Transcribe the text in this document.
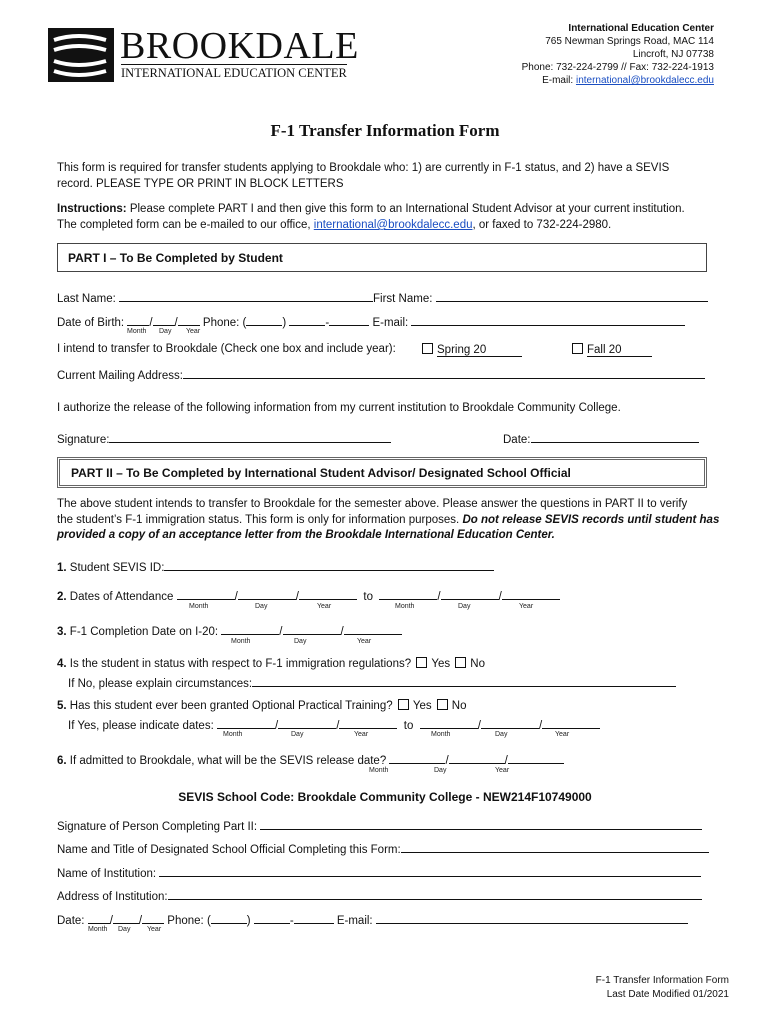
BROOKDALE
INTERNATIONAL EDUCATION CENTER
International Education Center
765 Newman Springs Road, MAC 114
Lincroft, NJ 07738
Phone: 732-224-2799 // Fax: 732-224-1913
E-mail: international@brookdalecc.edu
F-1 Transfer Information Form
This form is required for transfer students applying to Brookdale who: 1) are currently in F-1 status, and 2) have a SEVIS
record. PLEASE TYPE OR PRINT IN BLOCK LETTERS
Instructions: Please complete PART I and then give this form to an International Student Advisor at your current institution.
The completed form can be e-mailed to our office, international@brookdalecc.edu, or faxed to 732-224-2980.
PART I – To Be Completed by Student
Last Name:	First Name:
Date of Birth: / / Phone: (	)	-	E-mail:
Month Day Year
I intend to transfer to Brookdale (Check one box and include year):	Spring 20	Fall 20
Current Mailing Address:
I authorize the release of the following information from my current institution to Brookdale Community College.
Signature:	Date:
PART II – To Be Completed by International Student Advisor/ Designated School Official
The above student intends to transfer to Brookdale for the semester above. Please answer the questions in PART II to verify
the student’s F-1 immigration status. This form is only for information purposes. Do not release SEVIS records until student has
provided a copy of an acceptance letter from the Brookdale International Education Center.
1. Student SEVIS ID:
2. Dates of Attendance	/	/	to	/	/
Month	Day	Year	Month	Day	Year
3. F-1 Completion Date on I-20:	/	/
Month	Day	Year
4. Is the student in status with respect to F-1 immigration regulations? Yes No
If No, please explain circumstances:
5. Has this student ever been granted Optional Practical Training? Yes No
If Yes, please indicate dates:	/	/	to	/	/
Month	Day	Year	Month	Day	Year
6. If admitted to Brookdale, what will be the SEVIS release date?	/	/
Month	Day	Year
SEVIS School Code: Brookdale Community College - NEW214F10749000
Signature of Person Completing Part II:
Name and Title of Designated School Official Completing this Form:
Name of Institution:
Address of Institution:
Date: / / Phone: (	)	-	E-mail:
Month Day Year
F-1 Transfer Information Form
Last Date Modified 01/2021
